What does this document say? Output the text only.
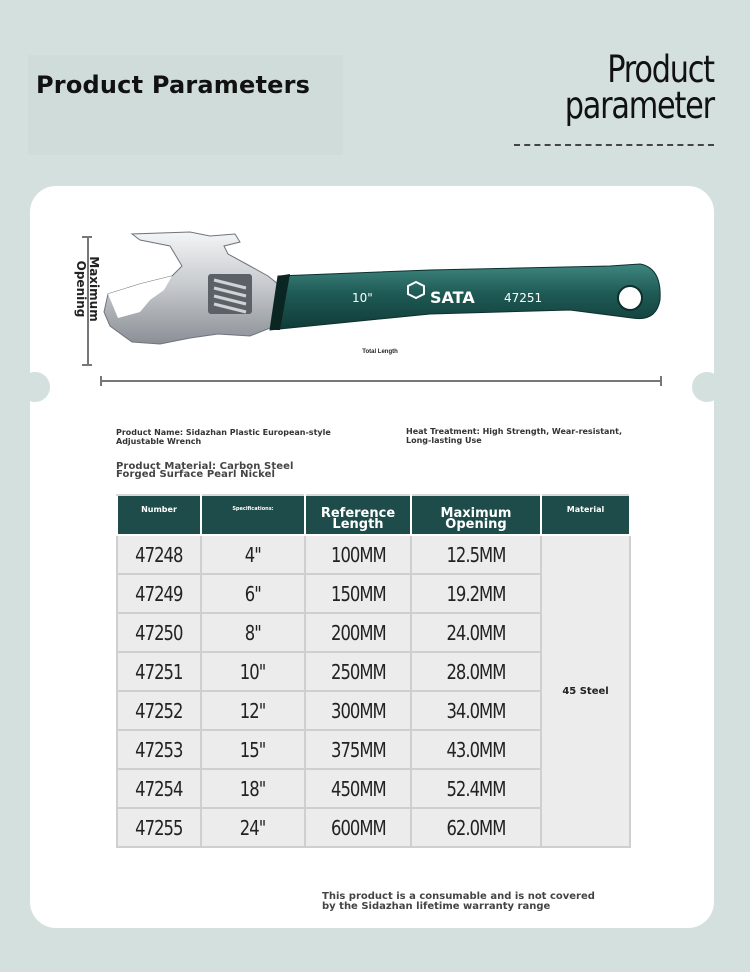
Product Parameters	Product
parameter
Maximum Opening	10"	SATA 47251
Total Length
Product Name: Sidazhan Plastic European-style
Adjustable Wrench
Heat Treatment: High Strength, Wear-resistant,
Long-lasting Use
Product Material: Carbon Steel
Forged Surface Pearl Nickel
Number	Specifications:	Reference Length	Maximum Opening	Material

47248	4"	100MM	12.5MM	45 Steel
47249	6"	150MM	19.2MM	
47250	8"	200MM	24.0MM	
47251	10"	250MM	28.0MM	
47252	12"	300MM	34.0MM	
47253	15"	375MM	43.0MM	
47254	18"	450MM	52.4MM	
47255	24"	600MM	62.0MM	
This product is a consumable and is not covered
by the Sidazhan lifetime warranty range
